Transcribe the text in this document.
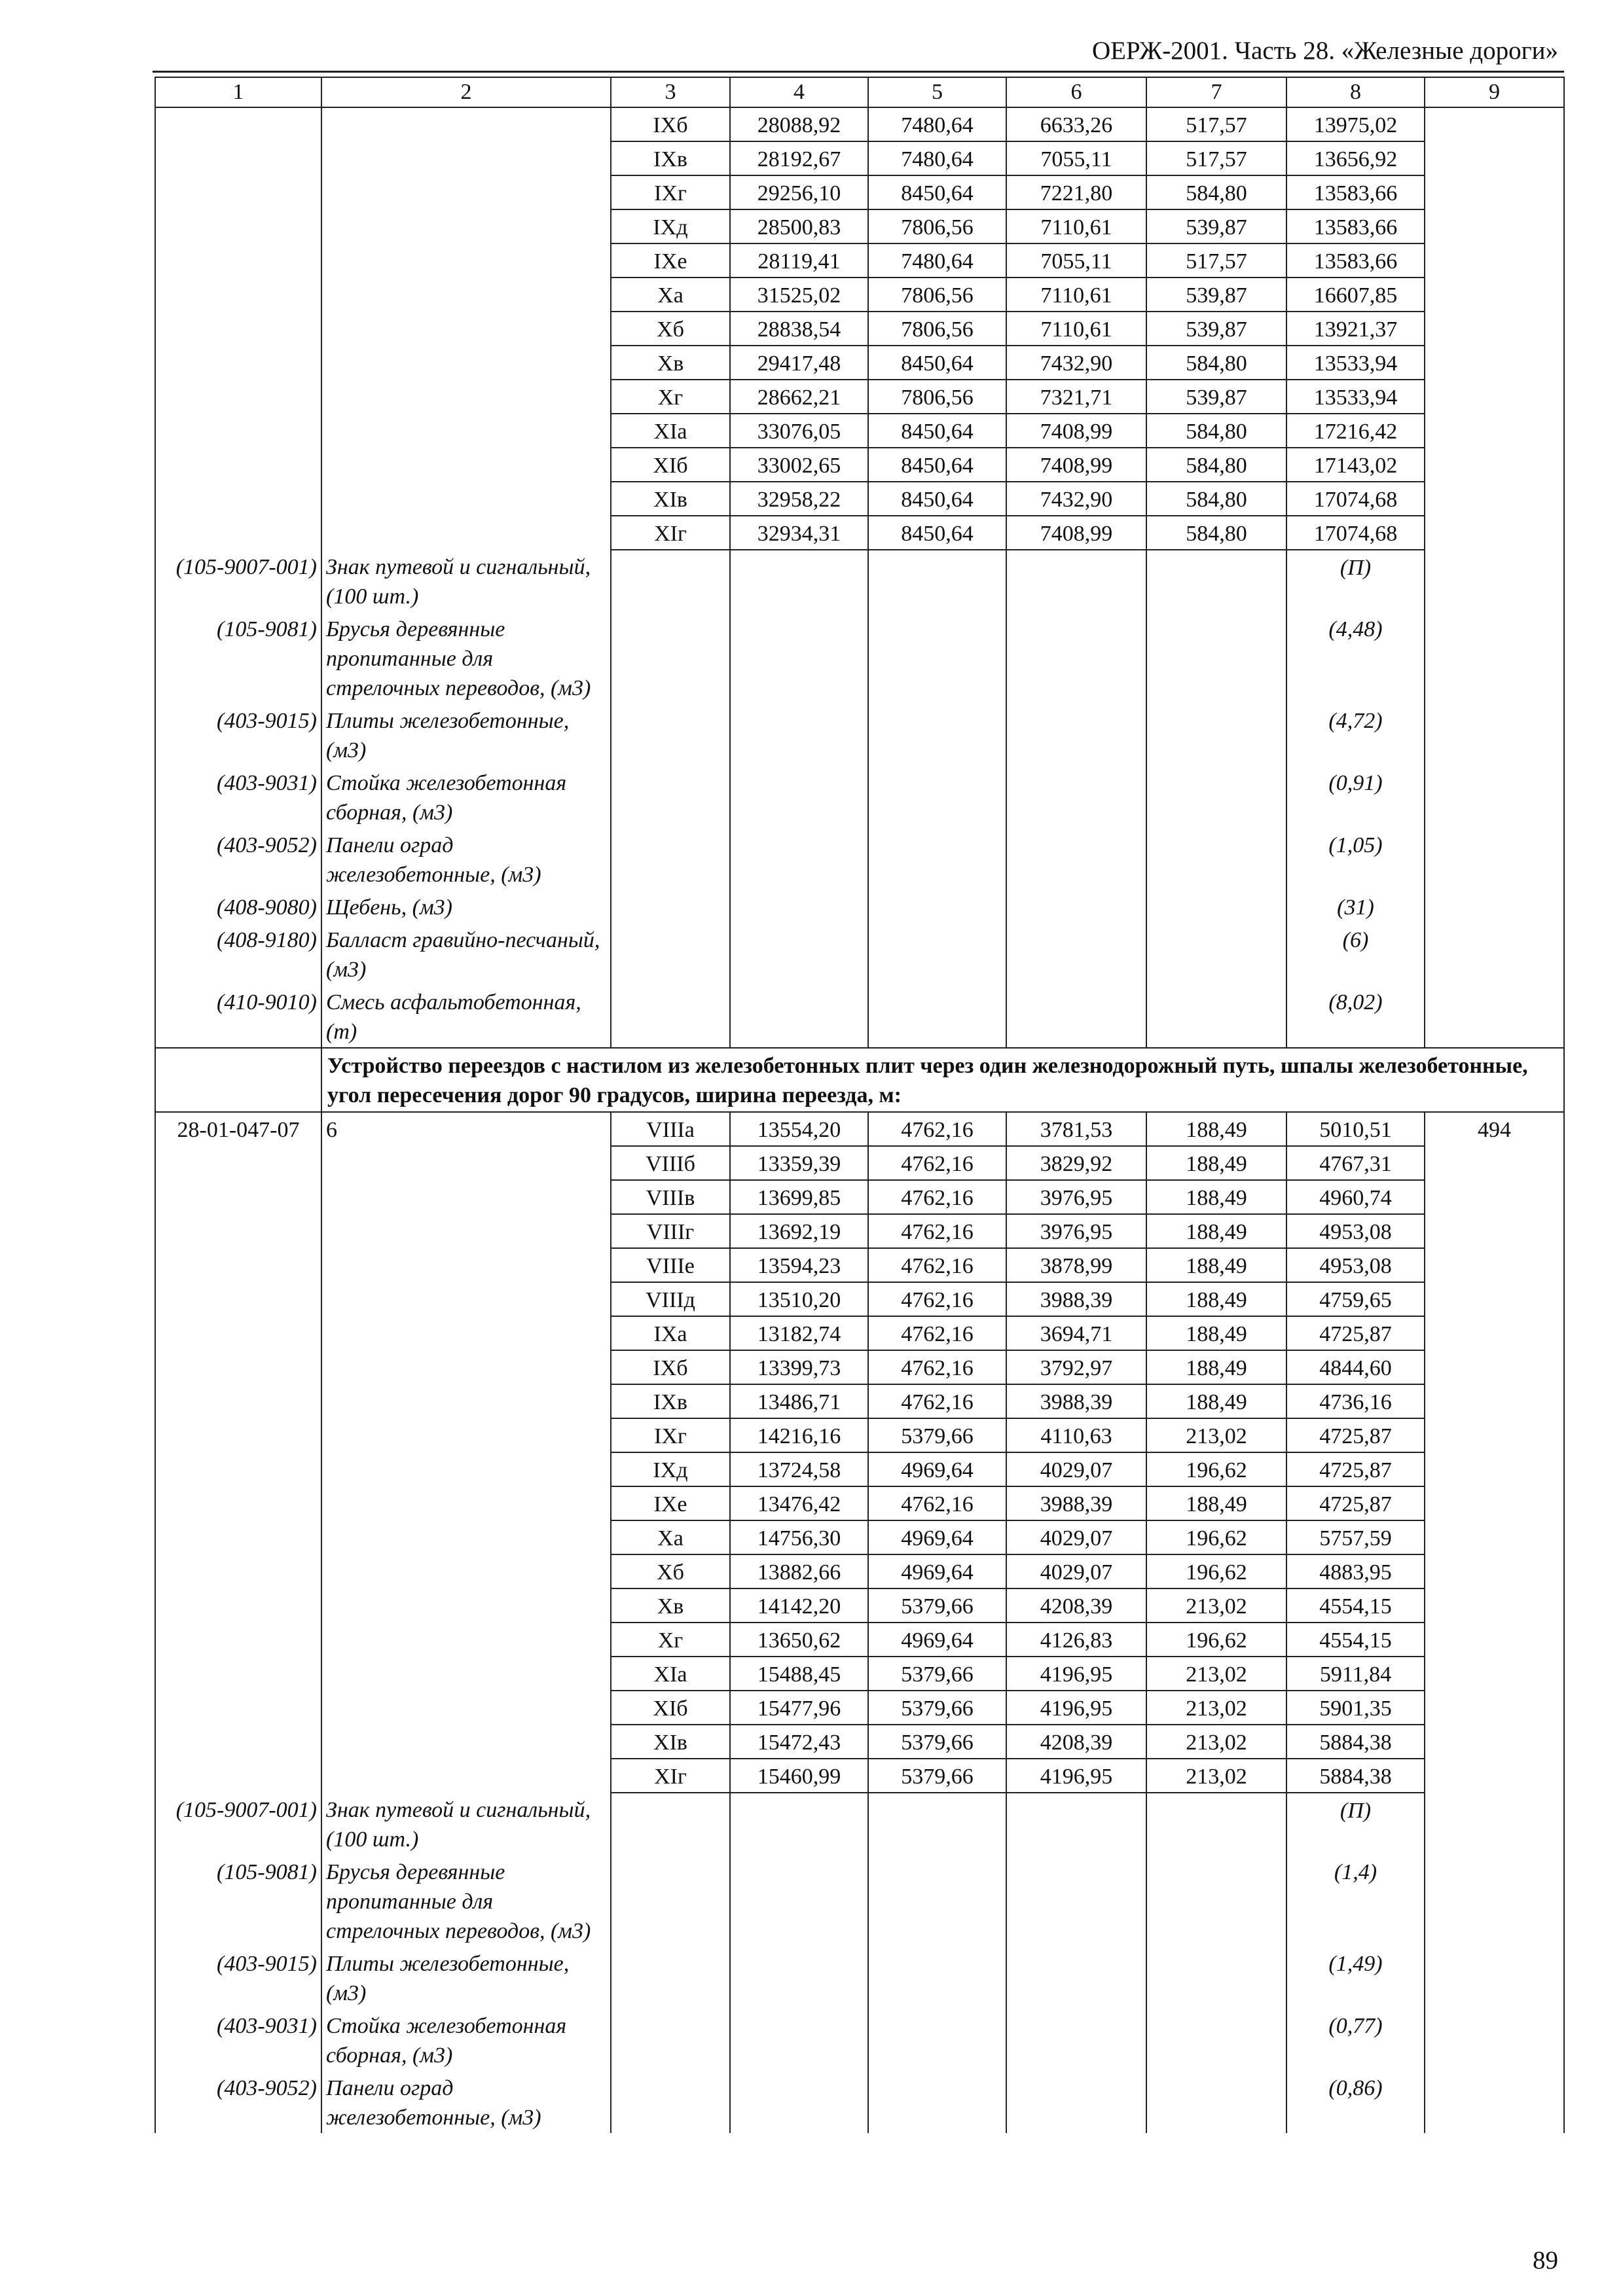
ОЕРЖ-2001. Часть 28. «Железные дороги»
1	2	3	4	5	6	7	8	9
		IXб	28088,92	7480,64	6633,26	517,57	13975,02	
		IXв	28192,67	7480,64	7055,11	517,57	13656,92	
		IXг	29256,10	8450,64	7221,80	584,80	13583,66	
		IXд	28500,83	7806,56	7110,61	539,87	13583,66	
		IXе	28119,41	7480,64	7055,11	517,57	13583,66	
		Xа	31525,02	7806,56	7110,61	539,87	16607,85	
		Xб	28838,54	7806,56	7110,61	539,87	13921,37	
		Xв	29417,48	8450,64	7432,90	584,80	13533,94	
		Xг	28662,21	7806,56	7321,71	539,87	13533,94	
		XIа	33076,05	8450,64	7408,99	584,80	17216,42	
		XIб	33002,65	8450,64	7408,99	584,80	17143,02	
		XIв	32958,22	8450,64	7432,90	584,80	17074,68	
		XIг	32934,31	8450,64	7408,99	584,80	17074,68	
(105-9007-001)	Знак путевой и сигнальный, (100 шт.)						(П)	
(105-9081)	Брусья деревянные пропитанные для стрелочных переводов, (м3)						(4,48)	
(403-9015)	Плиты железобетонные, (м3)						(4,72)	
(403-9031)	Стойка железобетонная сборная, (м3)						(0,91)	
(403-9052)	Панели оград железобетонные, (м3)						(1,05)	
(408-9080)	Щебень, (м3)						(31)	
(408-9180)	Балласт гравийно-песчаный, (м3)						(6)	
(410-9010)	Смесь асфальтобетонная, (т)						(8,02)	
	Устройство переездов с настилом из железобетонных плит через один железнодорожный путь, шпалы железобетонные, угол пересечения дорог 90 градусов, ширина переезда, м:							
28-01-047-07	6	VIIIа	13554,20	4762,16	3781,53	188,49	5010,51	494
		VIIIб	13359,39	4762,16	3829,92	188,49	4767,31	
		VIIIв	13699,85	4762,16	3976,95	188,49	4960,74	
		VIIIг	13692,19	4762,16	3976,95	188,49	4953,08	
		VIIIе	13594,23	4762,16	3878,99	188,49	4953,08	
		VIIIд	13510,20	4762,16	3988,39	188,49	4759,65	
		IXа	13182,74	4762,16	3694,71	188,49	4725,87	
		IXб	13399,73	4762,16	3792,97	188,49	4844,60	
		IXв	13486,71	4762,16	3988,39	188,49	4736,16	
		IXг	14216,16	5379,66	4110,63	213,02	4725,87	
		IXд	13724,58	4969,64	4029,07	196,62	4725,87	
		IXе	13476,42	4762,16	3988,39	188,49	4725,87	
		Xа	14756,30	4969,64	4029,07	196,62	5757,59	
		Xб	13882,66	4969,64	4029,07	196,62	4883,95	
		Xв	14142,20	5379,66	4208,39	213,02	4554,15	
		Xг	13650,62	4969,64	4126,83	196,62	4554,15	
		XIа	15488,45	5379,66	4196,95	213,02	5911,84	
		XIб	15477,96	5379,66	4196,95	213,02	5901,35	
		XIв	15472,43	5379,66	4208,39	213,02	5884,38	
		XIг	15460,99	5379,66	4196,95	213,02	5884,38	
(105-9007-001)	Знак путевой и сигнальный, (100 шт.)						(П)	
(105-9081)	Брусья деревянные пропитанные для стрелочных переводов, (м3)						(1,4)	
(403-9015)	Плиты железобетонные, (м3)						(1,49)	
(403-9031)	Стойка железобетонная сборная, (м3)						(0,77)	
(403-9052)	Панели оград железобетонные, (м3)						(0,86)	
89
